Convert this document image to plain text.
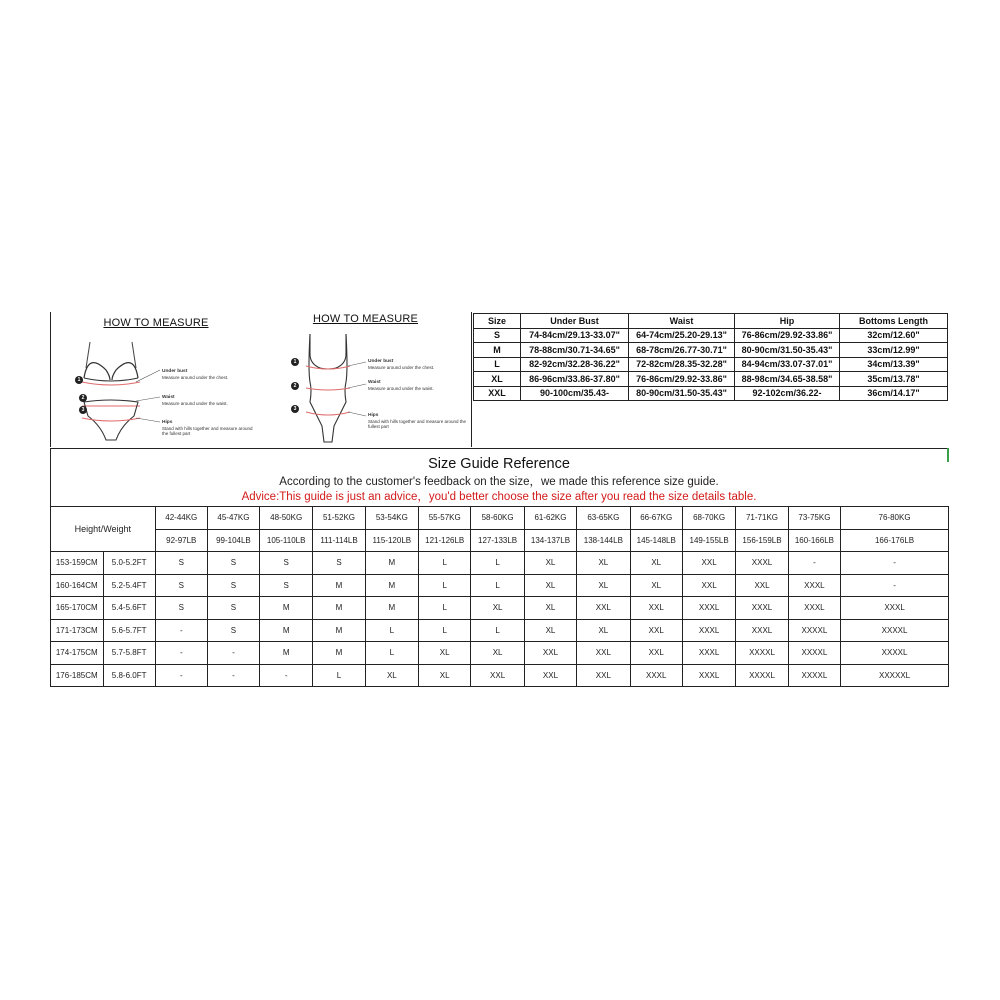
HOW TO MEASURE
1
2
3
Under bust
Measure around under the chest.
Waist
Measure around under the waist.
Hips
Stand with hills together and measure around the fullest part
HOW TO MEASURE
1
2
3
Under bust
Measure around under the chest.
Waist
Measure around under the waist.
Hips
Stand with hills together and measure around the fullest part
Size	Under Bust	Waist	Hip	Bottoms Length
S	74-84cm/29.13-33.07"	64-74cm/25.20-29.13"	76-86cm/29.92-33.86"	32cm/12.60"
M	78-88cm/30.71-34.65"	68-78cm/26.77-30.71"	80-90cm/31.50-35.43"	33cm/12.99"
L	82-92cm/32.28-36.22"	72-82cm/28.35-32.28"	84-94cm/33.07-37.01"	34cm/13.39"
XL	86-96cm/33.86-37.80"	76-86cm/29.92-33.86"	88-98cm/34.65-38.58"	35cm/13.78"
XXL	90-100cm/35.43-	80-90cm/31.50-35.43"	92-102cm/36.22-	36cm/14.17"
Size Guide Reference
According to the customer's feedback on the size，we made this reference size guide.
Advice:This guide is just an advice，you'd better choose the size after you read the size details table.
Height/Weight		42-44KG	45-47KG	48-50KG	51-52KG	53-54KG	55-57KG	58-60KG	61-62KG	63-65KG	66-67KG	68-70KG	71-71KG	73-75KG	76-80KG
		92-97LB	99-104LB	105-110LB	111-114LB	115-120LB	121-126LB	127-133LB	134-137LB	138-144LB	145-148LB	149-155LB	156-159LB	160-166LB	166-176LB
153-159CM	5.0-5.2FT	S	S	S	S	M	L	L	XL	XL	XL	XXL	XXXL	-	-
160-164CM	5.2-5.4FT	S	S	S	M	M	L	L	XL	XL	XL	XXL	XXL	XXXL	-
165-170CM	5.4-5.6FT	S	S	M	M	M	L	XL	XL	XXL	XXL	XXXL	XXXL	XXXL	XXXL
171-173CM	5.6-5.7FT	-	S	M	M	L	L	L	XL	XL	XXL	XXXL	XXXL	XXXXL	XXXXL
174-175CM	5.7-5.8FT	-	-	M	M	L	XL	XL	XXL	XXL	XXL	XXXL	XXXXL	XXXXL	XXXXL
176-185CM	5.8-6.0FT	-	-	-	L	XL	XL	XXL	XXL	XXL	XXXL	XXXL	XXXXL	XXXXL	XXXXXL
